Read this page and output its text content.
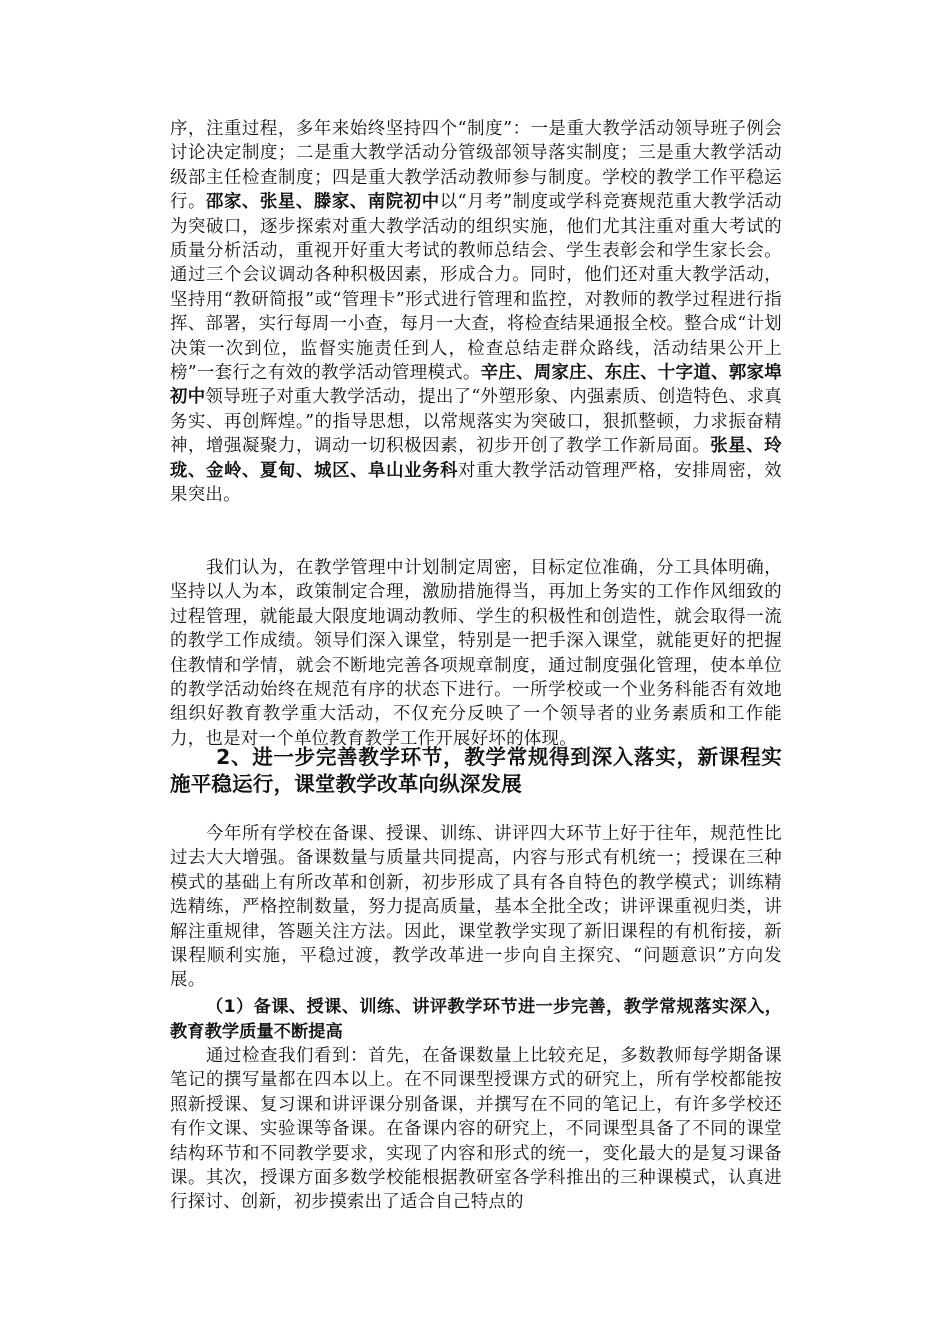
序，注重过程，多年来始终坚持四个“制度”：一是重大教学活动领导班子例会讨论决定制度；二是重大教学活动分管级部领导落实制度；三是重大教学活动级部主任检查制度；四是重大教学活动教师参与制度。学校的教学工作平稳运行。邵家、张星、滕家、南院初中以“月考”制度或学科竞赛规范重大教学活动为突破口，逐步探索对重大教学活动的组织实施，他们尤其注重对重大考试的质量分析活动，重视开好重大考试的教师总结会、学生表彰会和学生家长会。通过三个会议调动各种积极因素，形成合力。同时，他们还对重大教学活动，坚持用“教研简报”或“管理卡”形式进行管理和监控，对教师的教学过程进行指挥、部署，实行每周一小查，每月一大查，将检查结果通报全校。整合成“计划决策一次到位，监督实施责任到人，检查总结走群众路线，活动结果公开上榜”一套行之有效的教学活动管理模式。辛庄、周家庄、东庄、十字道、郭家埠初中领导班子对重大教学活动，提出了“外塑形象、内强素质、创造特色、求真务实、再创辉煌。”的指导思想，以常规落实为突破口，狠抓整顿，力求振奋精神，增强凝聚力，调动一切积极因素，初步开创了教学工作新局面。张星、玲珑、金岭、夏甸、城区、阜山业务科对重大教学活动管理严格，安排周密，效果突出。
我们认为，在教学管理中计划制定周密，目标定位准确，分工具体明确，坚持以人为本，政策制定合理，激励措施得当，再加上务实的工作作风细致的过程管理，就能最大限度地调动教师、学生的积极性和创造性，就会取得一流的教学工作成绩。领导们深入课堂，特别是一把手深入课堂，就能更好的把握住教情和学情，就会不断地完善各项规章制度，通过制度强化管理，使本单位的教学活动始终在规范有序的状态下进行。一所学校或一个业务科能否有效地组织好教育教学重大活动，不仅充分反映了一个领导者的业务素质和工作能力，也是对一个单位教育教学工作开展好坏的体现。
2、进一步完善教学环节，教学常规得到深入落实，新课程实施平稳运行，课堂教学改革向纵深发展
今年所有学校在备课、授课、训练、讲评四大环节上好于往年，规范性比过去大大增强。备课数量与质量共同提高，内容与形式有机统一；授课在三种模式的基础上有所改革和创新，初步形成了具有各自特色的教学模式；训练精选精练，严格控制数量，努力提高质量，基本全批全改；讲评课重视归类，讲解注重规律，答题关注方法。因此，课堂教学实现了新旧课程的有机衔接，新课程顺利实施，平稳过渡，教学改革进一步向自主探究、“问题意识”方向发展。
（1）备课、授课、训练、讲评教学环节进一步完善，教学常规落实深入，教育教学质量不断提高
通过检查我们看到：首先，在备课数量上比较充足，多数教师每学期备课笔记的撰写量都在四本以上。在不同课型授课方式的研究上，所有学校都能按照新授课、复习课和讲评课分别备课，并撰写在不同的笔记上，有许多学校还有作文课、实验课等备课。在备课内容的研究上，不同课型具备了不同的课堂结构环节和不同教学要求，实现了内容和形式的统一，变化最大的是复习课备课。其次，授课方面多数学校能根据教研室各学科推出的三种课模式，认真进行探讨、创新，初步摸索出了适合自己特点的
